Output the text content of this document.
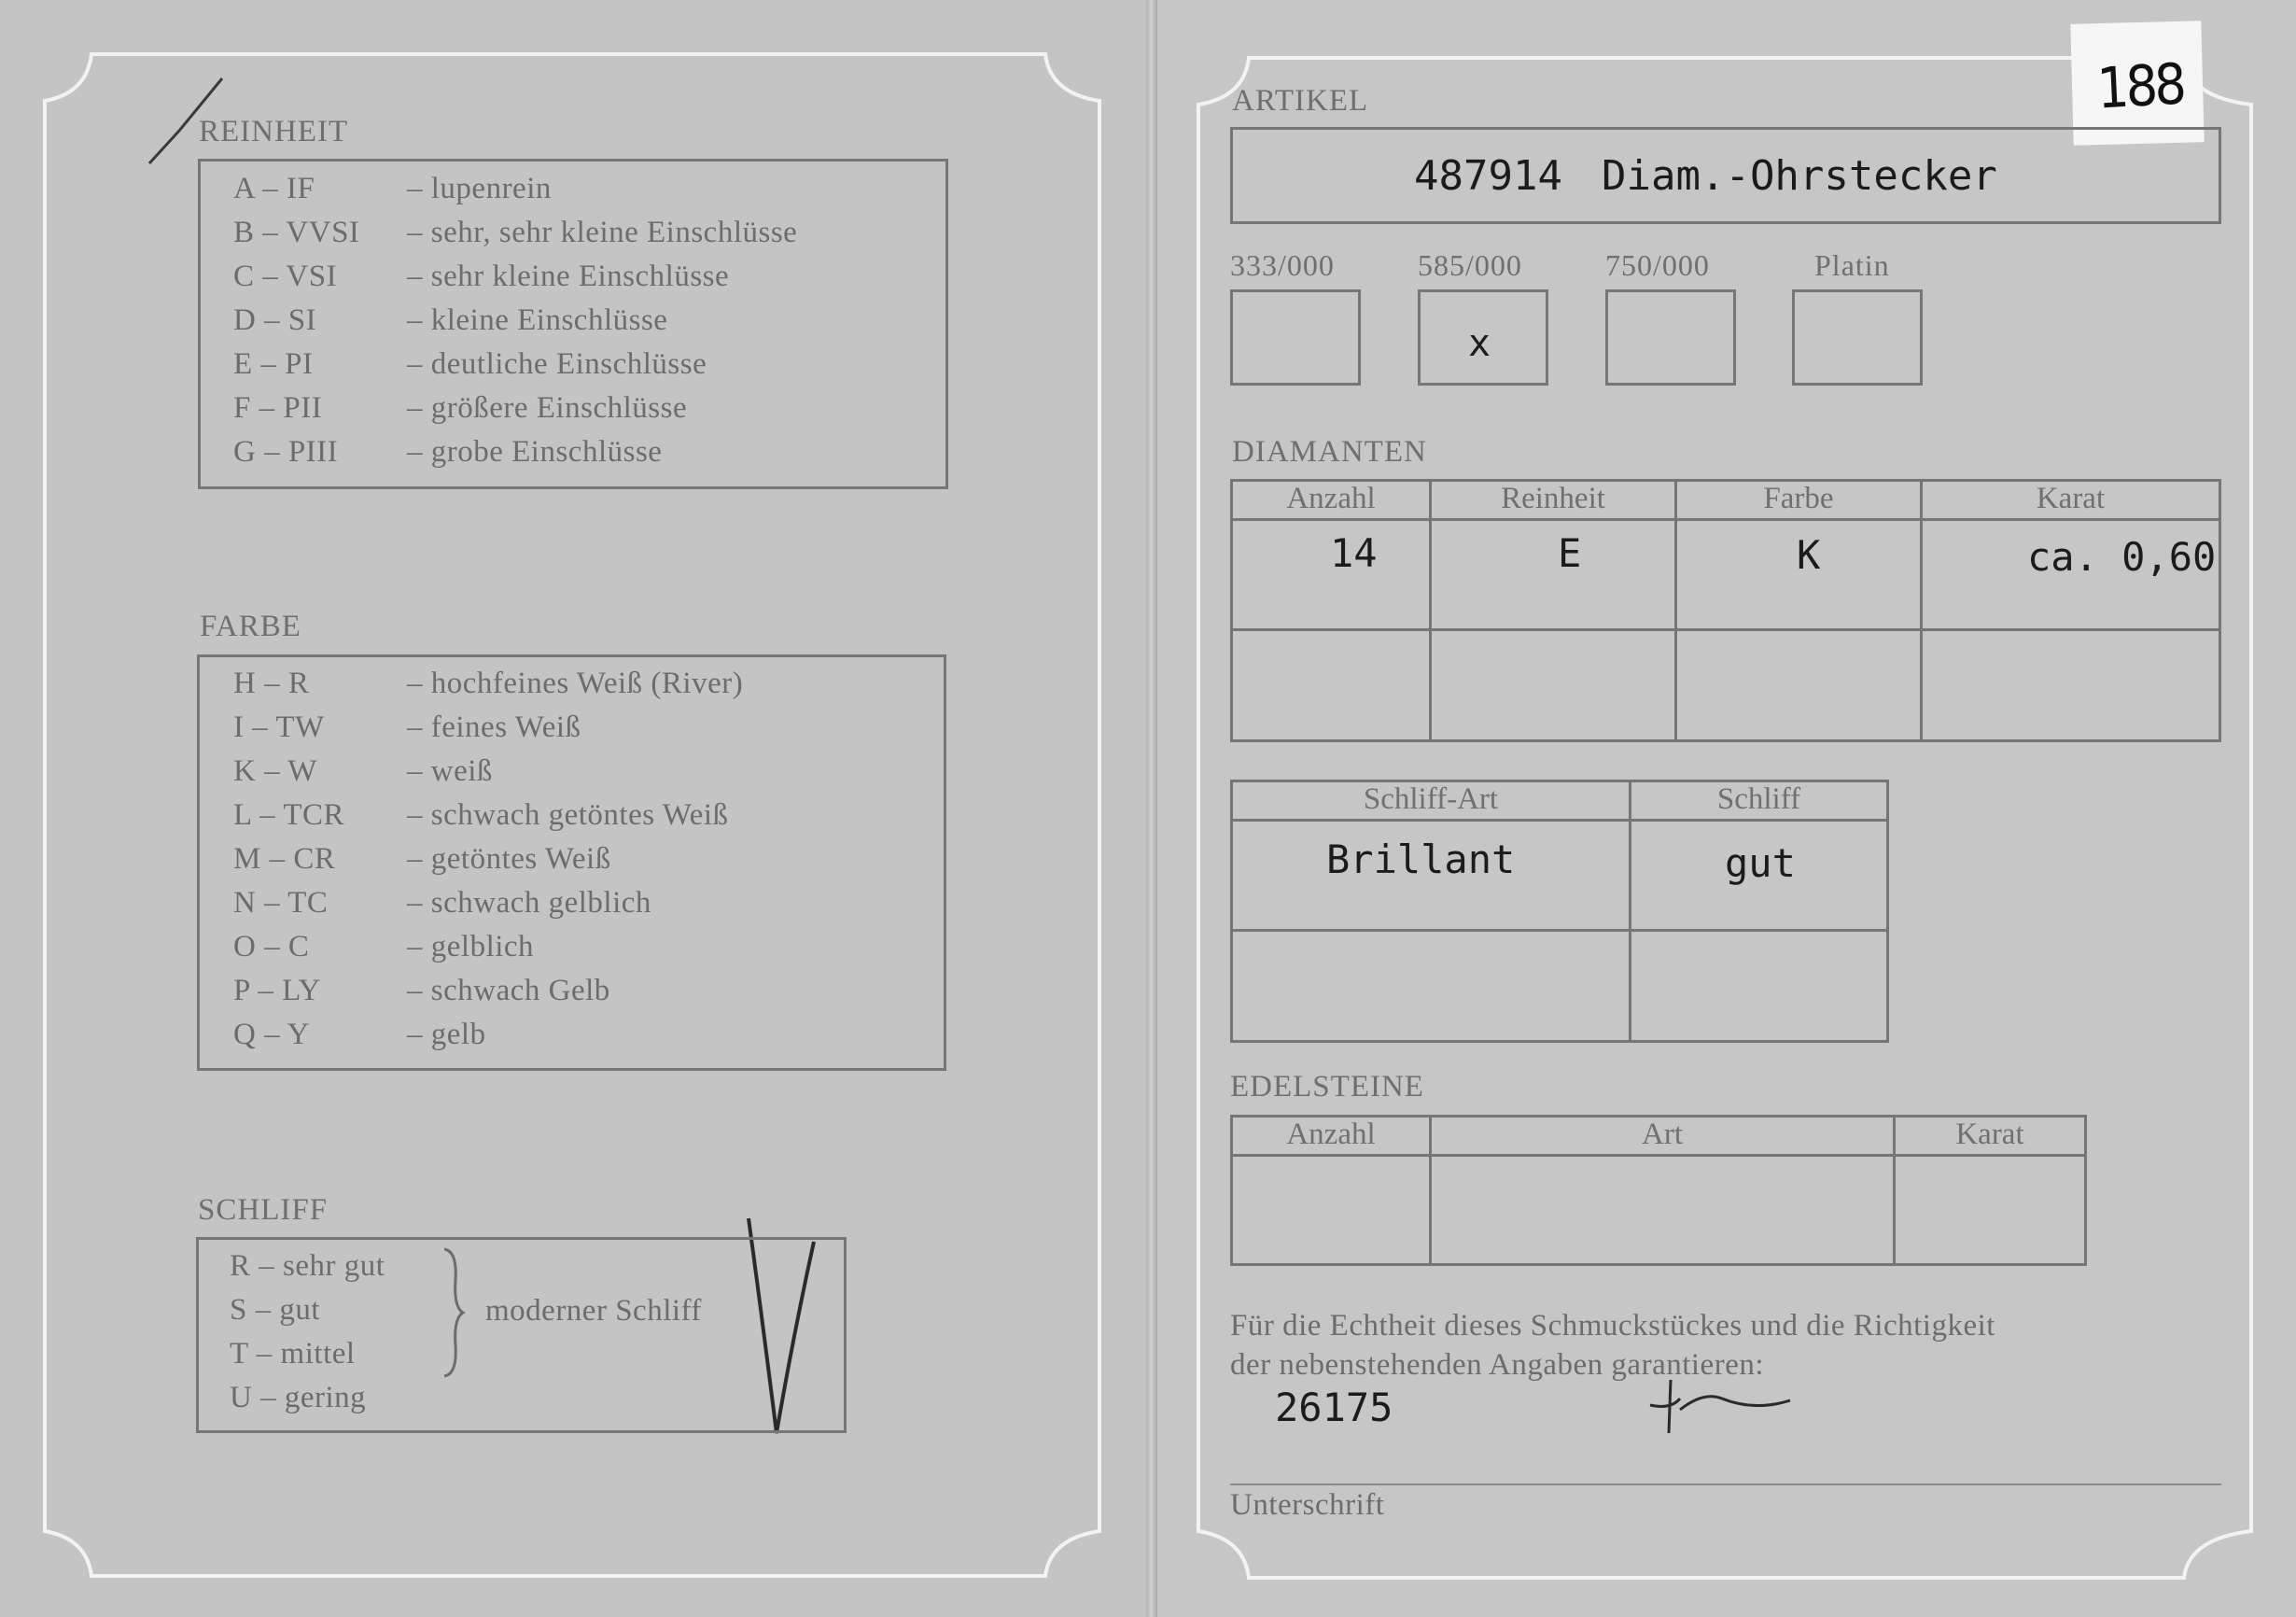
REINHEIT
A – IF	– lupenrein
B – VVSI – sehr, sehr kleine Einschlüsse
C – VSI – sehr kleine Einschlüsse
D – SI	– kleine Einschlüsse
E – PI	– deutliche Einschlüsse
F – PII	– größere Einschlüsse
G – PIII – grobe Einschlüsse
FARBE
H – R	– hochfeines Weiß (River)
I – TW	– feines Weiß
K – W	– weiß
L – TCR – schwach getöntes Weiß
M – CR – getöntes Weiß
N – TC	– schwach gelblich
O – C	– gelblich
P – LY	– schwach Gelb
Q – Y	– gelb
SCHLIFF
R – sehr gut
S – gut
T – mittel
U – gering
moderner Schliff
188
ARTIKEL
487914 Diam.-Ohrstecker
333/000	585/000
x
750/000	Platin
DIAMANTEN
Anzahl	Reinheit	Farbe	Karat

14	E	K	ca. 0,60

Schliff-Art	Schliff

Brillant	gut

EDELSTEINE
Anzahl	Art	Karat

Für die Echtheit dieses Schmuckstückes und die Richtigkeit
der nebenstehenden Angaben garantieren:
26175
Unterschrift
